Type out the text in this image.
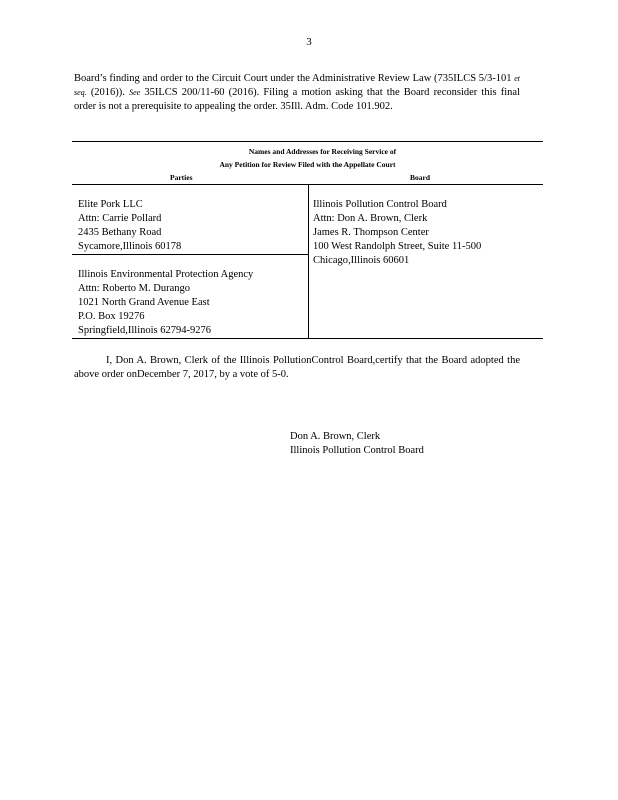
3
Board’s finding and order to the Circuit Court under the Administrative Review Law (735ILCS 5/3-101 et seq. (2016)). See 35ILCS 200/11-60 (2016). Filing a motion asking that the Board reconsider this final order is not a prerequisite to appealing the order. 35Ill. Adm. Code 101.902.
Names and Addresses for Receiving Service of
Any Petition for Review Filed with the Appellate Court
Parties	Board
Elite Pork LLC
Attn: Carrie Pollard
2435 Bethany Road
Sycamore,Illinois 60178
Illinois Environmental Protection Agency
Attn: Roberto M. Durango
1021 North Grand Avenue East
P.O. Box 19276
Springfield,Illinois 62794-9276
Illinois Pollution Control Board
Attn: Don A. Brown, Clerk
James R. Thompson Center
100 West Randolph Street, Suite 11-500
Chicago,Illinois 60601
I, Don A. Brown, Clerk of the Illinois PollutionControl Board,certify that the Board adopted the above order onDecember 7, 2017, by a vote of 5-0.
Don A. Brown, Clerk
Illinois Pollution Control Board
